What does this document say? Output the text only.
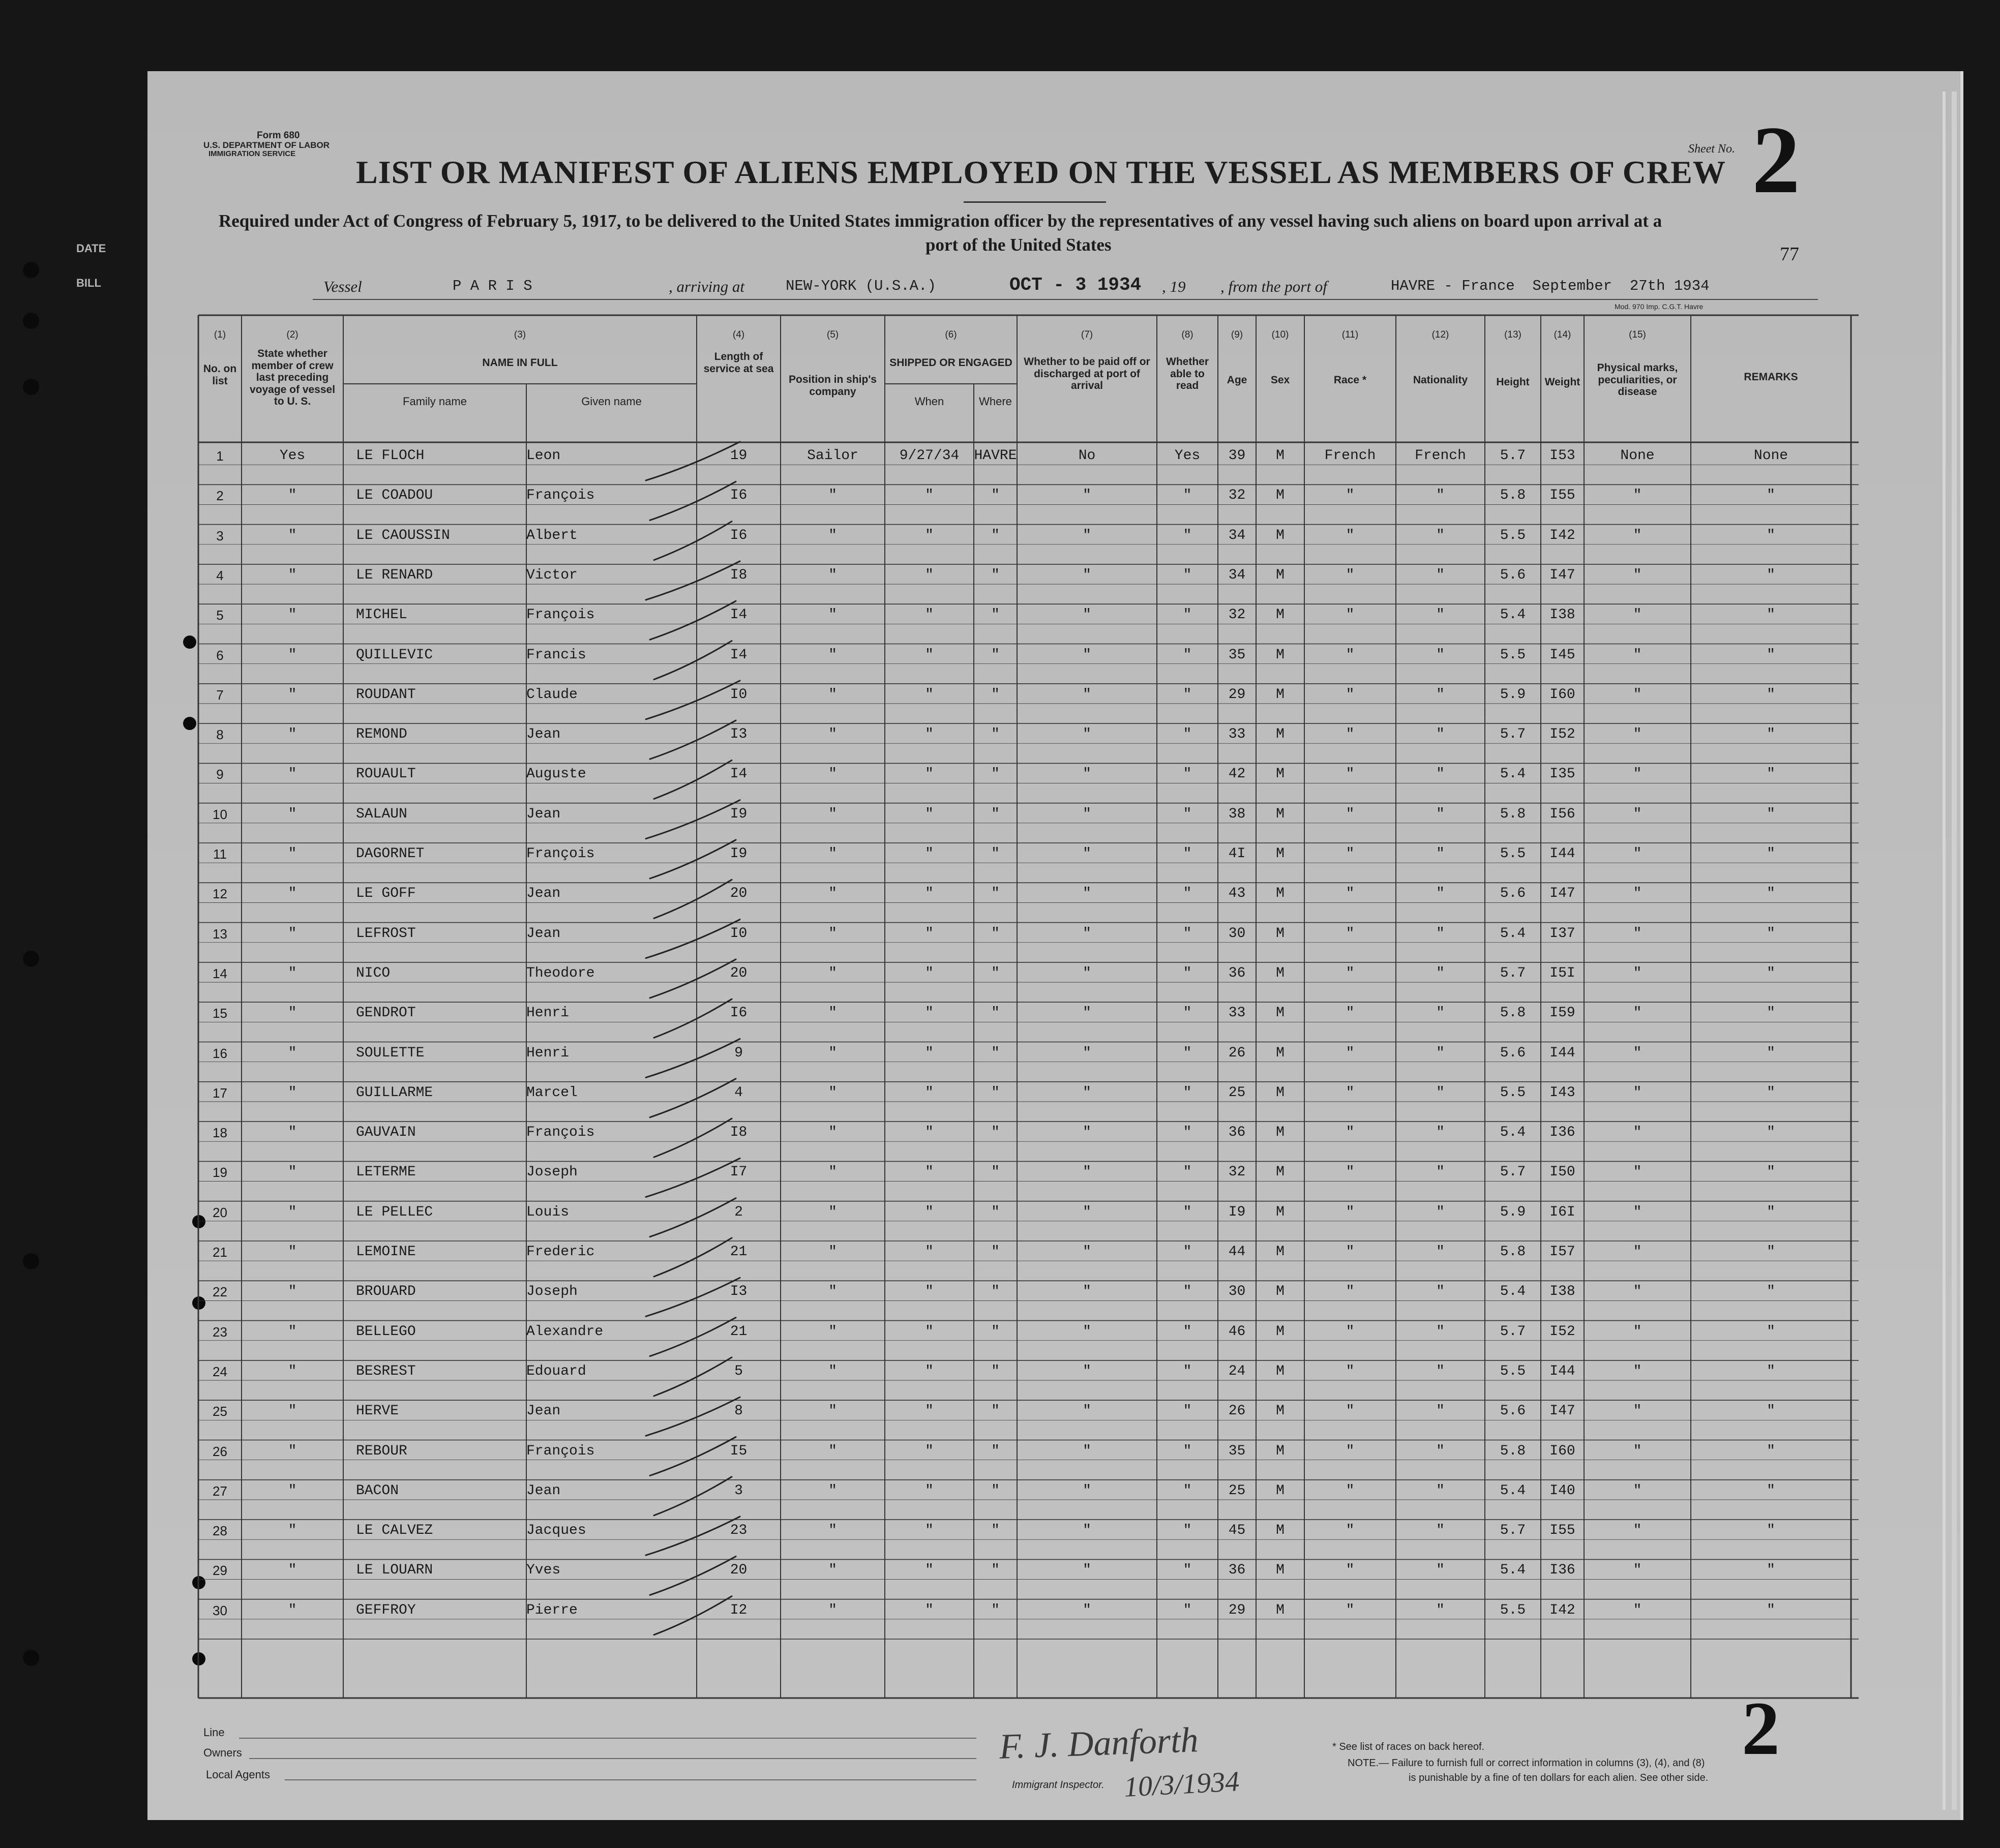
DATE
BILL
Form 680
U.S. DEPARTMENT OF LABOR
IMMIGRATION SERVICE	Sheet No. 2
LIST OR MANIFEST OF ALIENS EMPLOYED ON THE VESSEL AS MEMBERS OF CREW
Required under Act of Congress of February 5, 1917, to be delivered to the United States immigration officer by the representatives of any vessel having such aliens on board upon arrival at a
port of the United States	77
Mod. 970 Imp. C.G.T. Havre
Vessel	P A R I S	, arriving at	NEW-YORK (U.S.A.)	OCT - 3 1934 , 19 , from the port of	HAVRE - France  September  27th 1934
(1)
No. on list
(2)
State whether member of crew last preceding voyage of vessel to U. S.
(3)
NAME IN FULL
(4)
Length of service at sea
(5)
Position in ship's company
(6)
SHIPPED OR ENGAGED
(7)
Whether to be paid off or discharged at port of arrival
(8)
Whether able to read
(9)
Age
(10)
Sex
(11)
Race *
(12)
Nationality
(13)
Height
(14)
Weight
(15)
Physical marks, peculiarities, or disease
REMARKS
Family name	Given name	When	Where
1	Yes	LE FLOCH	Leon	19	Sailor	9/27/34	HAVRE	No	Yes	39	M	French	French	5.7	I53	None	None
2	"	LE COADOU	François	I6	"	"	"	"	"	32	M	"	"	5.8	I55	"	"
3	"	LE CAOUSSIN	Albert	I6	"	"	"	"	"	34	M	"	"	5.5	I42	"	"
4	"	LE RENARD	Victor	I8	"	"	"	"	"	34	M	"	"	5.6	I47	"	"
5	"	MICHEL	François	I4	"	"	"	"	"	32	M	"	"	5.4	I38	"	"
6	"	QUILLEVIC	Francis	I4	"	"	"	"	"	35	M	"	"	5.5	I45	"	"
7	"	ROUDANT	Claude	I0	"	"	"	"	"	29	M	"	"	5.9	I60	"	"
8	"	REMOND	Jean	I3	"	"	"	"	"	33	M	"	"	5.7	I52	"	"
9	"	ROUAULT	Auguste	I4	"	"	"	"	"	42	M	"	"	5.4	I35	"	"
10	"	SALAUN	Jean	I9	"	"	"	"	"	38	M	"	"	5.8	I56	"	"
11	"	DAGORNET	François	I9	"	"	"	"	"	4I	M	"	"	5.5	I44	"	"
12	"	LE GOFF	Jean	20	"	"	"	"	"	43	M	"	"	5.6	I47	"	"
13	"	LEFROST	Jean	I0	"	"	"	"	"	30	M	"	"	5.4	I37	"	"
14	"	NICO	Theodore	20	"	"	"	"	"	36	M	"	"	5.7	I5I	"	"
15	"	GENDROT	Henri	I6	"	"	"	"	"	33	M	"	"	5.8	I59	"	"
16	"	SOULETTE	Henri	9	"	"	"	"	"	26	M	"	"	5.6	I44	"	"
17	"	GUILLARME	Marcel	4	"	"	"	"	"	25	M	"	"	5.5	I43	"	"
18	"	GAUVAIN	François	I8	"	"	"	"	"	36	M	"	"	5.4	I36	"	"
19	"	LETERME	Joseph	I7	"	"	"	"	"	32	M	"	"	5.7	I50	"	"
20	"	LE PELLEC	Louis	2	"	"	"	"	"	I9	M	"	"	5.9	I6I	"	"
21	"	LEMOINE	Frederic	21	"	"	"	"	"	44	M	"	"	5.8	I57	"	"
22	"	BROUARD	Joseph	I3	"	"	"	"	"	30	M	"	"	5.4	I38	"	"
23	"	BELLEGO	Alexandre	21	"	"	"	"	"	46	M	"	"	5.7	I52	"	"
24	"	BESREST	Edouard	5	"	"	"	"	"	24	M	"	"	5.5	I44	"	"
25	"	HERVE	Jean	8	"	"	"	"	"	26	M	"	"	5.6	I47	"	"
26	"	REBOUR	François	I5	"	"	"	"	"	35	M	"	"	5.8	I60	"	"
27	"	BACON	Jean	3	"	"	"	"	"	25	M	"	"	5.4	I40	"	"
28	"	LE CALVEZ	Jacques	23	"	"	"	"	"	45	M	"	"	5.7	I55	"	"
29	"	LE LOUARN	Yves	20	"	"	"	"	"	36	M	"	"	5.4	I36	"	"
30	"	GEFFROY	Pierre	I2	"	"	"	"	"	29	M	"	"	5.5	I42	"	"
Line
Owners
Local Agents
F. J. Danforth
Immigrant Inspector. 10/3/1934
* See list of races on back hereof.
NOTE.— Failure to furnish full or correct information in columns (3), (4), and (8)
is punishable by a fine of ten dollars for each alien. See other side.
2
